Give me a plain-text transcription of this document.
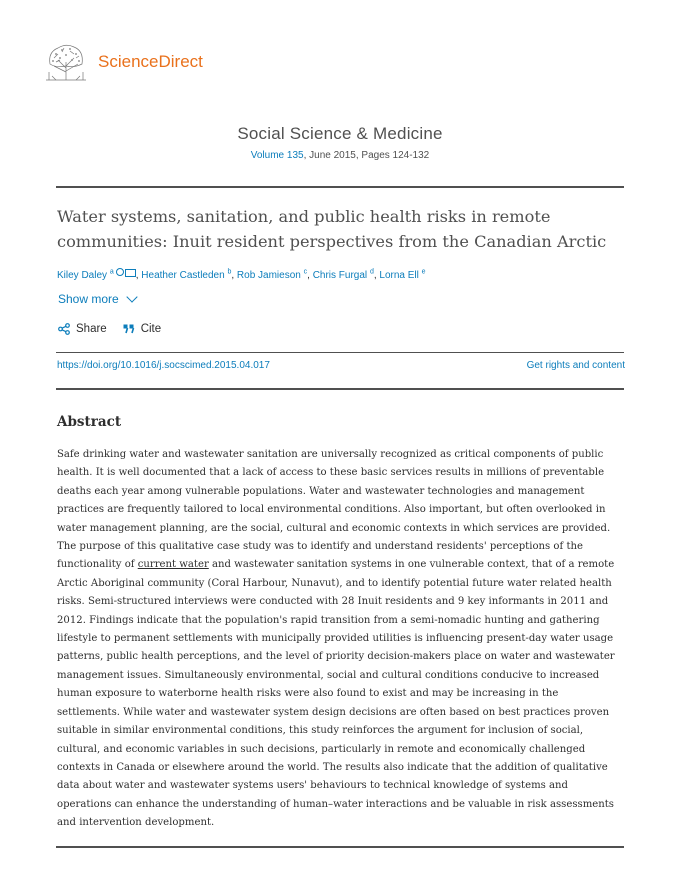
ScienceDirect
Social Science & Medicine
Volume 135, June 2015, Pages 124-132
Water systems, sanitation, and public health risks in remote communities: Inuit resident perspectives from the Canadian Arctic
Kiley Daley $^a$ , Heather Castleden $^b$, Rob Jamieson $^c$, Chris Furgal $^d$, Lorna Ell $^e$
Show more
Share	Cite
https://doi.org/10.1016/j.socscimed.2015.04.017	Get rights and content
Abstract
Safe drinking water and wastewater sanitation are universally recognized as critical components of public health. It is well documented that a lack of access to these basic services results in millions of preventable deaths each year among vulnerable populations. Water and wastewater technologies and management practices are frequently tailored to local environmental conditions. Also important, but often overlooked in water management planning, are the social, cultural and economic contexts in which services are provided. The purpose of this qualitative case study was to identify and understand residents' perceptions of the functionality of current water and wastewater sanitation systems in one vulnerable context, that of a remote Arctic Aboriginal community (Coral Harbour, Nunavut), and to identify potential future water related health risks. Semi-structured interviews were conducted with 28 Inuit residents and 9 key informants in 2011 and 2012. Findings indicate that the population's rapid transition from a semi-nomadic hunting and gathering lifestyle to permanent settlements with municipally provided utilities is influencing present-day water usage patterns, public health perceptions, and the level of priority decision-makers place on water and wastewater management issues. Simultaneously environmental, social and cultural conditions conducive to increased human exposure to waterborne health risks were also found to exist and may be increasing in the settlements. While water and wastewater system design decisions are often based on best practices proven suitable in similar environmental conditions, this study reinforces the argument for inclusion of social, cultural, and economic variables in such decisions, particularly in remote and economically challenged contexts in Canada or elsewhere around the world. The results also indicate that the addition of qualitative data about water and wastewater systems users' behaviours to technical knowledge of systems and operations can enhance the understanding of human–water interactions and be valuable in risk assessments and intervention development.
